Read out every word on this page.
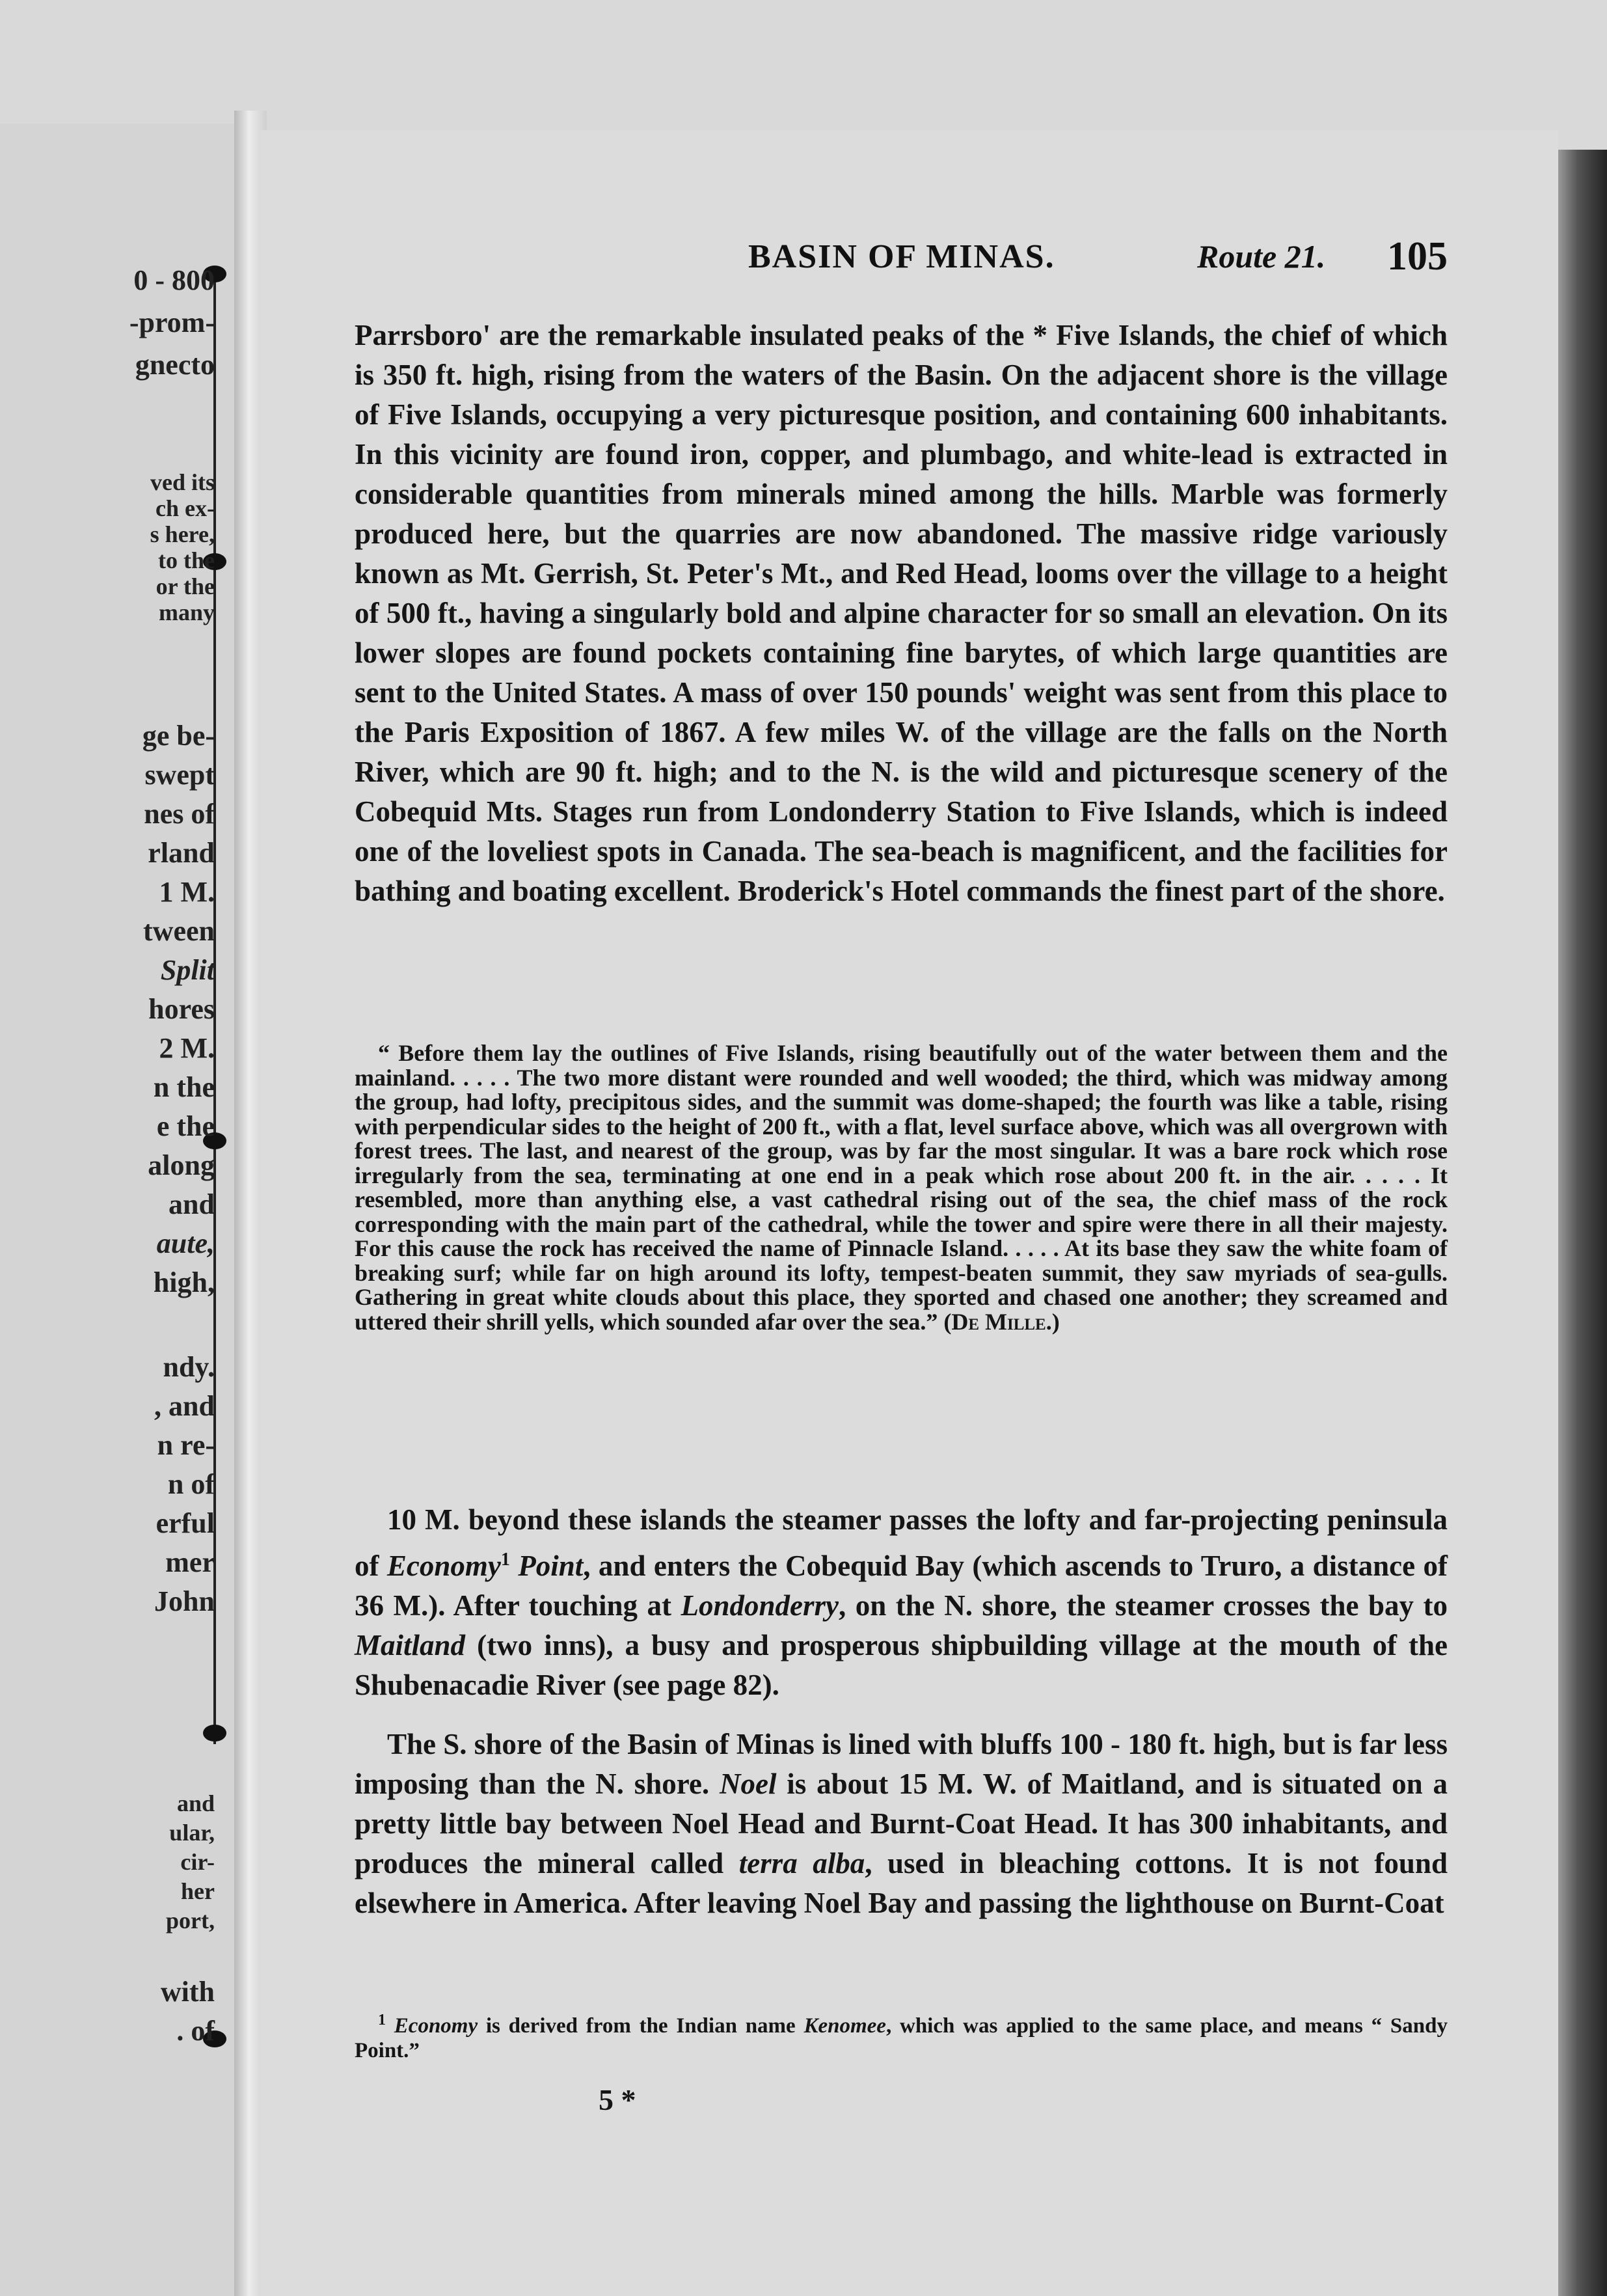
0 - 800
-prom-
gnecto
ved its
ch ex-
s here,
to the
or the
many
ge be-
swept
nes of
rland
1 M.
tween
Split
hores
2 M.
n the
e the
along
and
aute,
high,
ndy.
, and
n re-
n of
erful
mer
John
and
ular,
cir-
her
port,
with
. of
BASIN OF MINAS.	Route 21. 105
Parrsboro' are the remarkable insulated peaks of the * Five Islands, the chief of which is 350 ft. high, rising from the waters of the Basin. On the adjacent shore is the village of Five Islands, occupying a very picturesque position, and containing 600 inhabitants. In this vicinity are found iron, copper, and plumbago, and white-lead is extracted in considerable quantities from minerals mined among the hills. Marble was formerly produced here, but the quarries are now abandoned. The massive ridge variously known as Mt. Gerrish, St. Peter's Mt., and Red Head, looms over the village to a height of 500 ft., having a singularly bold and alpine character for so small an elevation. On its lower slopes are found pockets containing fine barytes, of which large quantities are sent to the United States. A mass of over 150 pounds' weight was sent from this place to the Paris Exposition of 1867. A few miles W. of the village are the falls on the North River, which are 90 ft. high; and to the N. is the wild and picturesque scenery of the Cobequid Mts. Stages run from Londonderry Station to Five Islands, which is indeed one of the loveliest spots in Canada. The sea-beach is magnificent, and the facilities for bathing and boating excellent. Broderick's Hotel commands the finest part of the shore.
“ Before them lay the outlines of Five Islands, rising beautifully out of the water between them and the mainland. . . . . The two more distant were rounded and well wooded; the third, which was midway among the group, had lofty, precipitous sides, and the summit was dome-shaped; the fourth was like a table, rising with perpendicular sides to the height of 200 ft., with a flat, level surface above, which was all overgrown with forest trees. The last, and nearest of the group, was by far the most singular. It was a bare rock which rose irregularly from the sea, terminating at one end in a peak which rose about 200 ft. in the air. . . . . It resembled, more than anything else, a vast cathedral rising out of the sea, the chief mass of the rock corresponding with the main part of the cathedral, while the tower and spire were there in all their majesty. For this cause the rock has received the name of Pinnacle Island. . . . . At its base they saw the white foam of breaking surf; while far on high around its lofty, tempest-beaten summit, they saw myriads of sea-gulls. Gathering in great white clouds about this place, they sported and chased one another; they screamed and uttered their shrill yells, which sounded afar over the sea.” (De Mille.)
10 M. beyond these islands the steamer passes the lofty and far-projecting peninsula of Economy$^1$ Point, and enters the Cobequid Bay (which ascends to Truro, a distance of 36 M.). After touching at Londonderry, on the N. shore, the steamer crosses the bay to Maitland (two inns), a busy and prosperous shipbuilding village at the mouth of the Shubenacadie River (see page 82).
The S. shore of the Basin of Minas is lined with bluffs 100 - 180 ft. high, but is far less imposing than the N. shore. Noel is about 15 M. W. of Maitland, and is situated on a pretty little bay between Noel Head and Burnt-Coat Head. It has 300 inhabitants, and produces the mineral called terra alba, used in bleaching cottons. It is not found elsewhere in America. After leaving Noel Bay and passing the lighthouse on Burnt-Coat
$^1$ Economy is derived from the Indian name Kenomee, which was applied to the same place, and means “ Sandy Point.”
5 *
